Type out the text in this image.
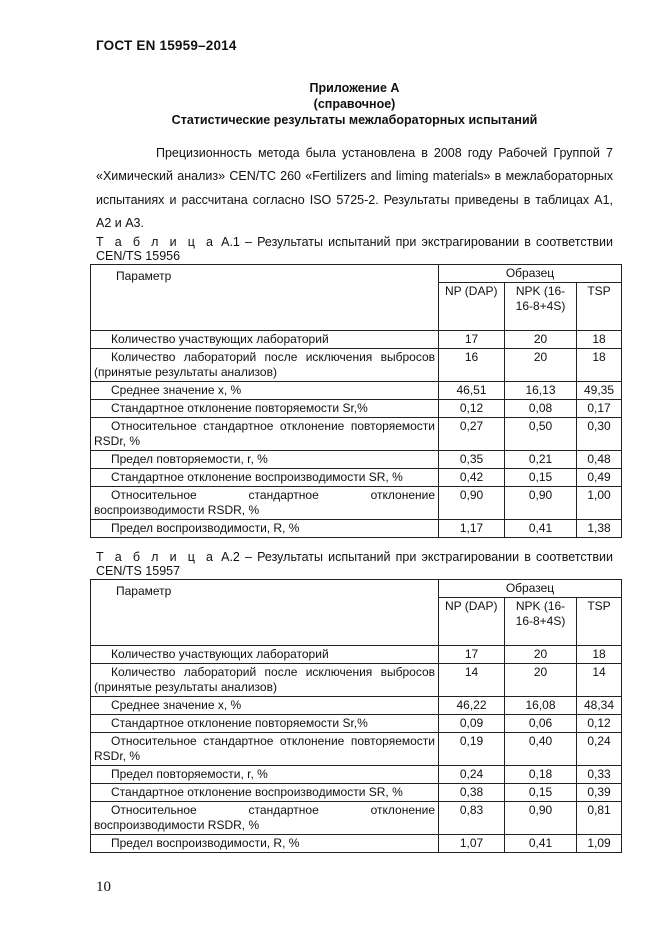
ГОСТ EN 15959–2014
Приложение А
(справочное)
Статистические результаты межлабораторных испытаний

Прецизионность метода была установлена в 2008 году Рабочей Группой 7 «Химический анализ» CEN/TC 260 «Fertilizers and liming materials» в межлабораторных испытаниях и рассчитана согласно ISO 5725-2. Результаты приведены в таблицах А1, А2 и А3.

Т а б л и ц а А.1 – Результаты испытаний при экстрагировании в соответствии CEN/TS 15956
Параметр	Образец		
	NP (DAP)	NPK (16-16-8+4S)	TSP
Количество участвующих лабораторий	17	20	18
Количество лабораторий после исключения выбросов (принятые результаты анализов)	16	20	18
Среднее значение x, %	46,51	16,13	49,35
Стандартное отклонение повторяемости Sr,%	0,12	0,08	0,17
Относительное стандартное отклонение повторяемости RSDr, %	0,27	0,50	0,30
Предел повторяемости, r, %	0,35	0,21	0,48
Стандартное отклонение воспроизводимости SR, %	0,42	0,15	0,49
Относительное стандартное отклонение воспроизводимости RSDR, %	0,90	0,90	1,00
Предел воспроизводимости, R, %	1,17	0,41	1,38
Т а б л и ц а А.2 – Результаты испытаний при экстрагировании в соответствии CEN/TS 15957
Параметр	Образец		
	NP (DAP)	NPK (16-16-8+4S)	TSP
Количество участвующих лабораторий	17	20	18
Количество лабораторий после исключения выбросов (принятые результаты анализов)	14	20	14
Среднее значение x, %	46,22	16,08	48,34
Стандартное отклонение повторяемости Sr,%	0,09	0,06	0,12
Относительное стандартное отклонение повторяемости RSDr, %	0,19	0,40	0,24
Предел повторяемости, r, %	0,24	0,18	0,33
Стандартное отклонение воспроизводимости SR, %	0,38	0,15	0,39
Относительное стандартное отклонение воспроизводимости RSDR, %	0,83	0,90	0,81
Предел воспроизводимости, R, %	1,07	0,41	1,09
10
